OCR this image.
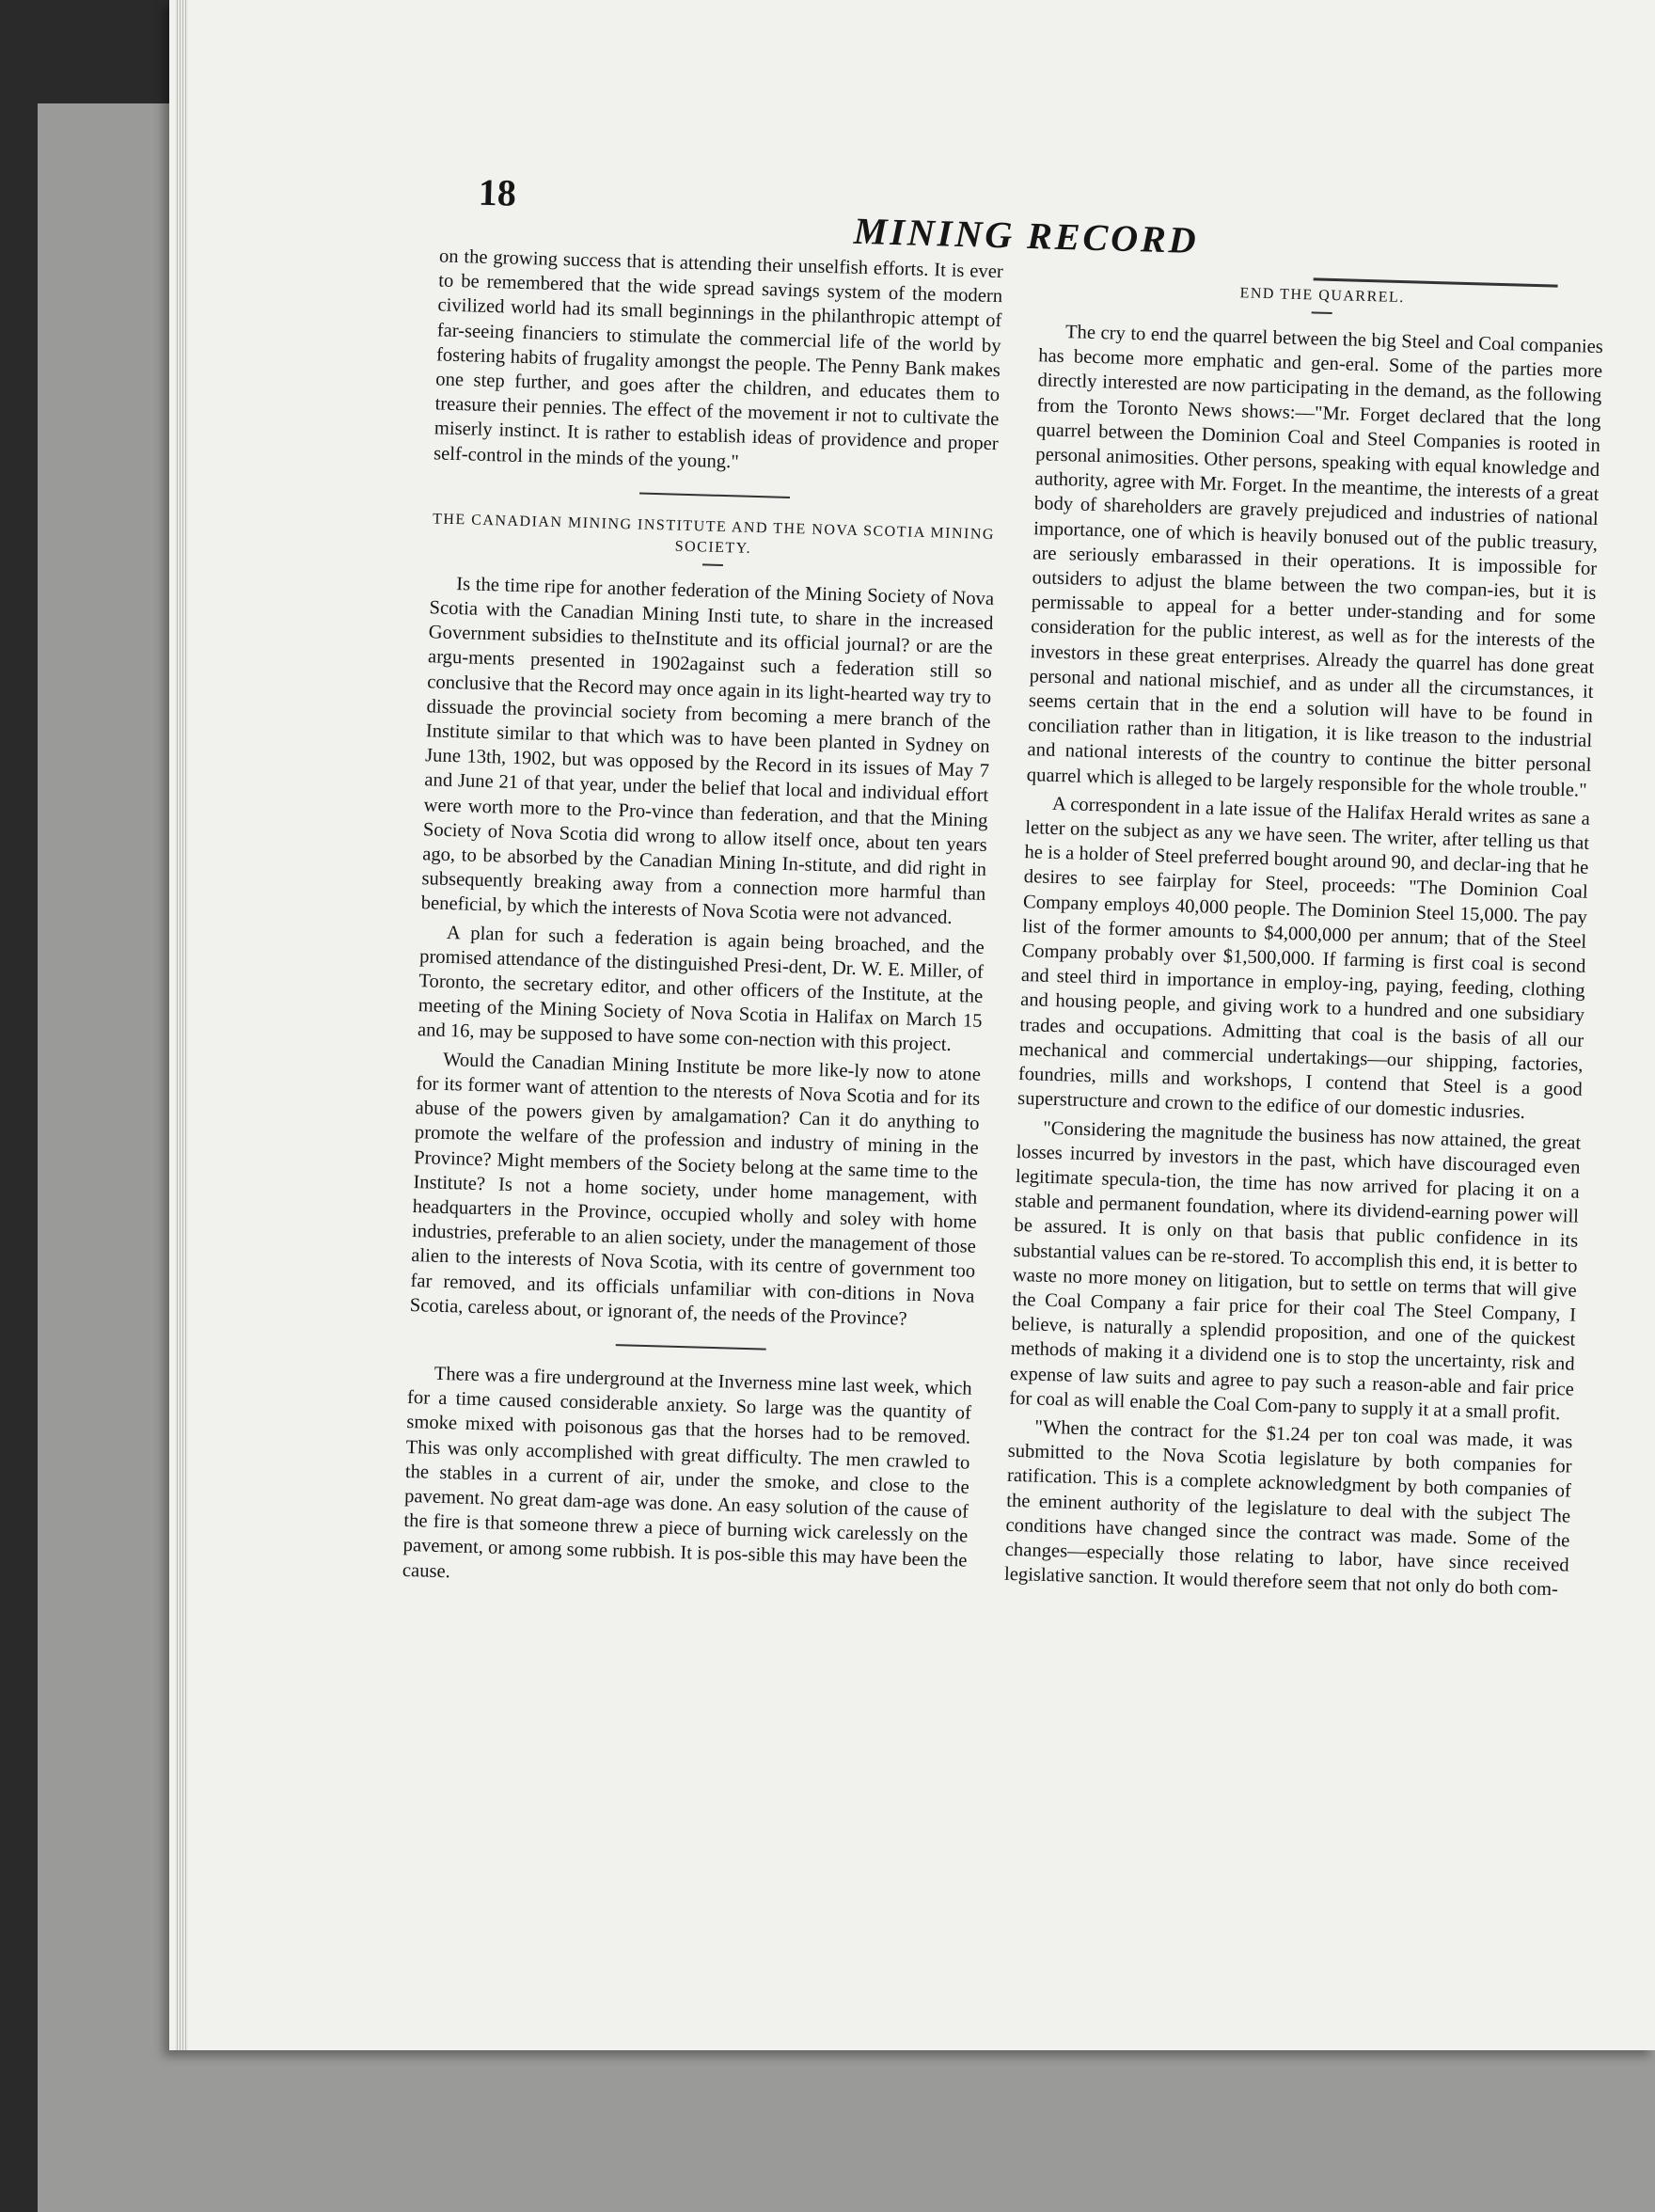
18
MINING RECORD

on the growing success that is attending their unselfish efforts. It is ever to be remembered that the wide spread savings system of the modern civilized world had its small beginnings in the philanthropic attempt of far-seeing financiers to stimulate the commercial life of the world by fostering habits of frugality amongst the people. The Penny Bank makes one step further, and goes after the children, and educates them to treasure their pennies. The effect of the movement ir not to cultivate the miserly instinct. It is rather to establish ideas of providence and proper self-control in the minds of the young."

THE CANADIAN MINING INSTITUTE AND THE NOVA SCOTIA MINING SOCIETY.

Is the time ripe for another federation of the Mining Society of Nova Scotia with the Canadian Mining Insti tute, to share in the increased Government subsidies to theInstitute and its official journal? or are the argu-ments presented in 1902against such a federation still so conclusive that the Record may once again in its light-hearted way try to dissuade the provincial society from becoming a mere branch of the Institute similar to that which was to have been planted in Sydney on June 13th, 1902, but was opposed by the Record in its issues of May 7 and June 21 of that year, under the belief that local and individual effort were worth more to the Pro-vince than federation, and that the Mining Society of Nova Scotia did wrong to allow itself once, about ten years ago, to be absorbed by the Canadian Mining In-stitute, and did right in subsequently breaking away from a connection more harmful than beneficial, by which the interests of Nova Scotia were not advanced.

A plan for such a federation is again being broached, and the promised attendance of the distinguished Presi-dent, Dr. W. E. Miller, of Toronto, the secretary editor, and other officers of the Institute, at the meeting of the Mining Society of Nova Scotia in Halifax on March 15 and 16, may be supposed to have some con-nection with this project.

Would the Canadian Mining Institute be more like-ly now to atone for its former want of attention to the nterests of Nova Scotia and for its abuse of the powers given by amalgamation? Can it do anything to promote the welfare of the profession and industry of mining in the Province? Might members of the Society belong at the same time to the Institute? Is not a home society, under home management, with headquarters in the Province, occupied wholly and soley with home industries, preferable to an alien society, under the management of those alien to the interests of Nova Scotia, with its centre of government too far removed, and its officials unfamiliar with con-ditions in Nova Scotia, careless about, or ignorant of, the needs of the Province?

There was a fire underground at the Inverness mine last week, which for a time caused considerable anxiety. So large was the quantity of smoke mixed with poisonous gas that the horses had to be removed. This was only accomplished with great difficulty. The men crawled to the stables in a current of air, under the smoke, and close to the pavement. No great dam-age was done. An easy solution of the cause of the fire is that someone threw a piece of burning wick carelessly on the pavement, or among some rubbish. It is pos-sible this may have been the cause.

END THE QUARREL.

The cry to end the quarrel between the big Steel and Coal companies has become more emphatic and gen-eral. Some of the parties more directly interested are now participating in the demand, as the following from the Toronto News shows:—"Mr. Forget declared that the long quarrel between the Dominion Coal and Steel Companies is rooted in personal animosities. Other persons, speaking with equal knowledge and authority, agree with Mr. Forget. In the meantime, the interests of a great body of shareholders are gravely prejudiced and industries of national importance, one of which is heavily bonused out of the public treasury, are seriously embarassed in their operations. It is impossible for outsiders to adjust the blame between the two compan-ies, but it is permissable to appeal for a better under-standing and for some consideration for the public interest, as well as for the interests of the investors in these great enterprises. Already the quarrel has done great personal and national mischief, and as under all the circumstances, it seems certain that in the end a solution will have to be found in conciliation rather than in litigation, it is like treason to the industrial and national interests of the country to continue the bitter personal quarrel which is alleged to be largely responsible for the whole trouble."

A correspondent in a late issue of the Halifax Herald writes as sane a letter on the subject as any we have seen. The writer, after telling us that he is a holder of Steel preferred bought around 90, and declar-ing that he desires to see fairplay for Steel, proceeds: "The Dominion Coal Company employs 40,000 people. The Dominion Steel 15,000. The pay list of the former amounts to $4,000,000 per annum; that of the Steel Company probably over $1,500,000. If farming is first coal is second and steel third in importance in employ-ing, paying, feeding, clothing and housing people, and giving work to a hundred and one subsidiary trades and occupations. Admitting that coal is the basis of all our mechanical and commercial undertakings—our shipping, factories, foundries, mills and workshops, I contend that Steel is a good superstructure and crown to the edifice of our domestic indusries.

"Considering the magnitude the business has now attained, the great losses incurred by investors in the past, which have discouraged even legitimate specula-tion, the time has now arrived for placing it on a stable and permanent foundation, where its dividend-earning power will be assured. It is only on that basis that public confidence in its substantial values can be re-stored. To accomplish this end, it is better to waste no more money on litigation, but to settle on terms that will give the Coal Company a fair price for their coal The Steel Company, I believe, is naturally a splendid proposition, and one of the quickest methods of making it a dividend one is to stop the uncertainty, risk and expense of law suits and agree to pay such a reason-able and fair price for coal as will enable the Coal Com-pany to supply it at a small profit.

"When the contract for the $1.24 per ton coal was made, it was submitted to the Nova Scotia legislature by both companies for ratification. This is a complete acknowledgment by both companies of the eminent authority of the legislature to deal with the subject The conditions have changed since the contract was made. Some of the changes—especially those relating to labor, have since received legislative sanction. It would therefore seem that not only do both com-
